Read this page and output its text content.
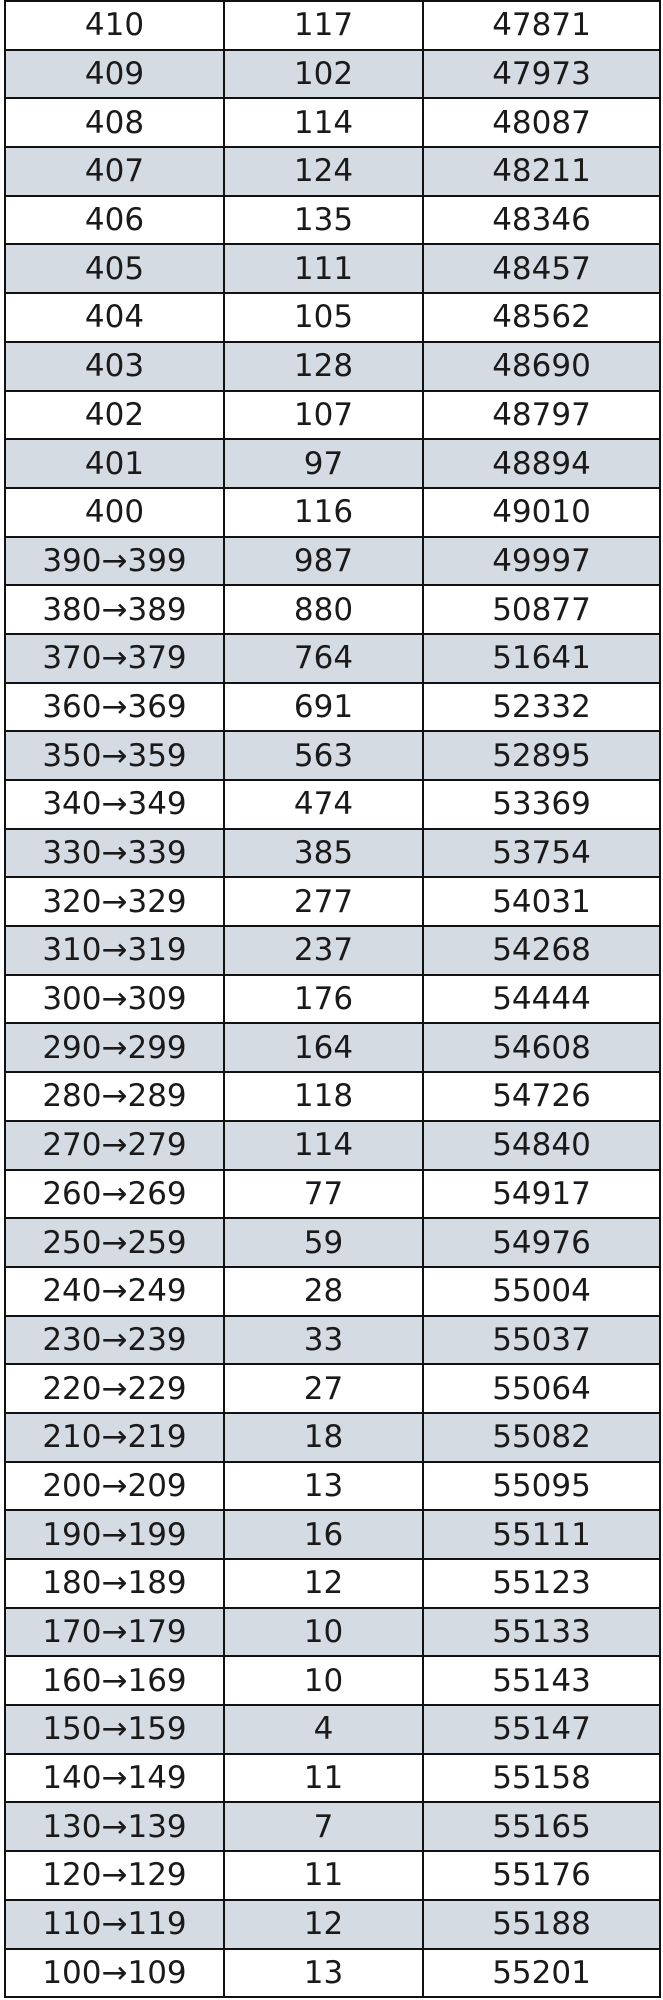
410	117	47871
409	102	47973
408	114	48087
407	124	48211
406	135	48346
405	111	48457
404	105	48562
403	128	48690
402	107	48797
401	97	48894
400	116	49010
390→399	987	49997
380→389	880	50877
370→379	764	51641
360→369	691	52332
350→359	563	52895
340→349	474	53369
330→339	385	53754
320→329	277	54031
310→319	237	54268
300→309	176	54444
290→299	164	54608
280→289	118	54726
270→279	114	54840
260→269	77	54917
250→259	59	54976
240→249	28	55004
230→239	33	55037
220→229	27	55064
210→219	18	55082
200→209	13	55095
190→199	16	55111
180→189	12	55123
170→179	10	55133
160→169	10	55143
150→159	4	55147
140→149	11	55158
130→139	7	55165
120→129	11	55176
110→119	12	55188
100→109	13	55201
